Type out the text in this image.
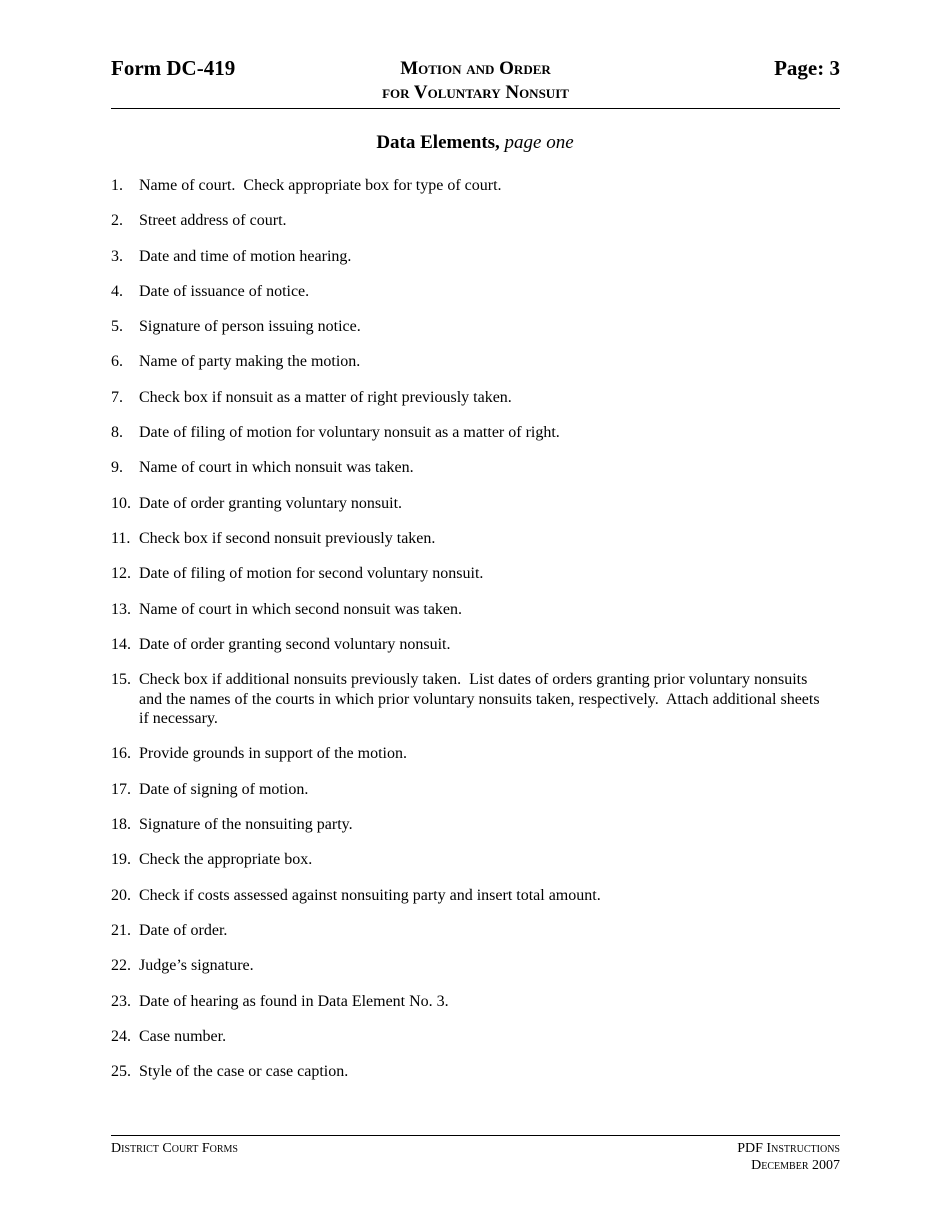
Form DC-419	Motion and Order
for Voluntary Nonsuit
Page: 3
Data Elements, page one
1.	Name of court.  Check appropriate box for type of court.
2.	Street address of court.
3.	Date and time of motion hearing.
4.	Date of issuance of notice.
5.	Signature of person issuing notice.
6.	Name of party making the motion.
7.	Check box if nonsuit as a matter of right previously taken.
8.	Date of filing of motion for voluntary nonsuit as a matter of right.
9.	Name of court in which nonsuit was taken.
10. Date of order granting voluntary nonsuit.
11. Check box if second nonsuit previously taken.
12. Date of filing of motion for second voluntary nonsuit.
13. Name of court in which second nonsuit was taken.
14. Date of order granting second voluntary nonsuit.
15. Check box if additional nonsuits previously taken.  List dates of orders granting prior voluntary nonsuits and the names of the courts in which prior voluntary nonsuits taken, respectively.  Attach additional sheets if necessary.
16. Provide grounds in support of the motion.
17. Date of signing of motion.
18. Signature of the nonsuiting party.
19. Check the appropriate box.
20. Check if costs assessed against nonsuiting party and insert total amount.
21. Date of order.
22. Judge’s signature.
23. Date of hearing as found in Data Element No. 3.
24. Case number.
25. Style of the case or case caption.
District Court Forms	PDF Instructions
December 2007
